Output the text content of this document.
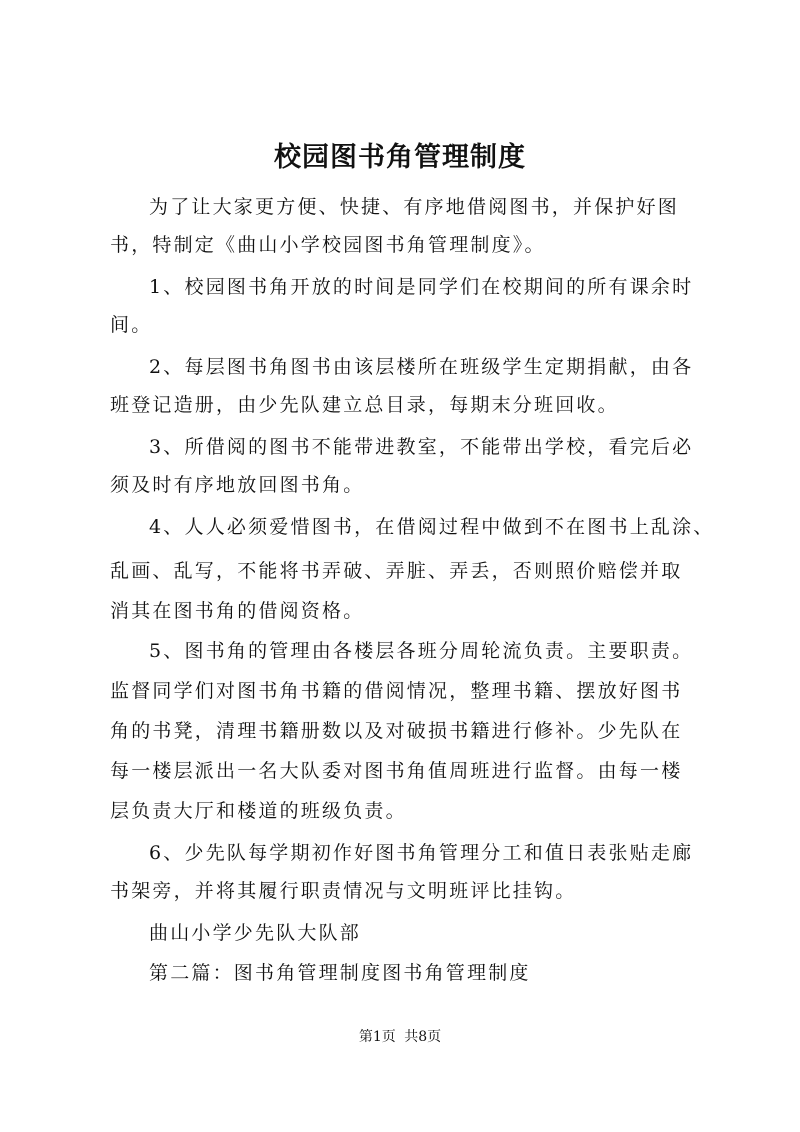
校园图书角管理制度
为了让大家更方便、快捷、有序地借阅图书，并保护好图
书，特制定《曲山小学校园图书角管理制度》。
1、校园图书角开放的时间是同学们在校期间的所有课余时
间。
2、每层图书角图书由该层楼所在班级学生定期捐献，由各
班登记造册，由少先队建立总目录，每期末分班回收。
3、所借阅的图书不能带进教室，不能带出学校，看完后必
须及时有序地放回图书角。
4、人人必须爱惜图书，在借阅过程中做到不在图书上乱涂、
乱画、乱写，不能将书弄破、弄脏、弄丢，否则照价赔偿并取
消其在图书角的借阅资格。
5、图书角的管理由各楼层各班分周轮流负责。主要职责。
监督同学们对图书角书籍的借阅情况，整理书籍、摆放好图书
角的书凳，清理书籍册数以及对破损书籍进行修补。少先队在
每一楼层派出一名大队委对图书角值周班进行监督。由每一楼
层负责大厅和楼道的班级负责。
6、少先队每学期初作好图书角管理分工和值日表张贴走廊
书架旁，并将其履行职责情况与文明班评比挂钩。
曲山小学少先队大队部
第二篇：图书角管理制度图书角管理制度
第1页 共8页
